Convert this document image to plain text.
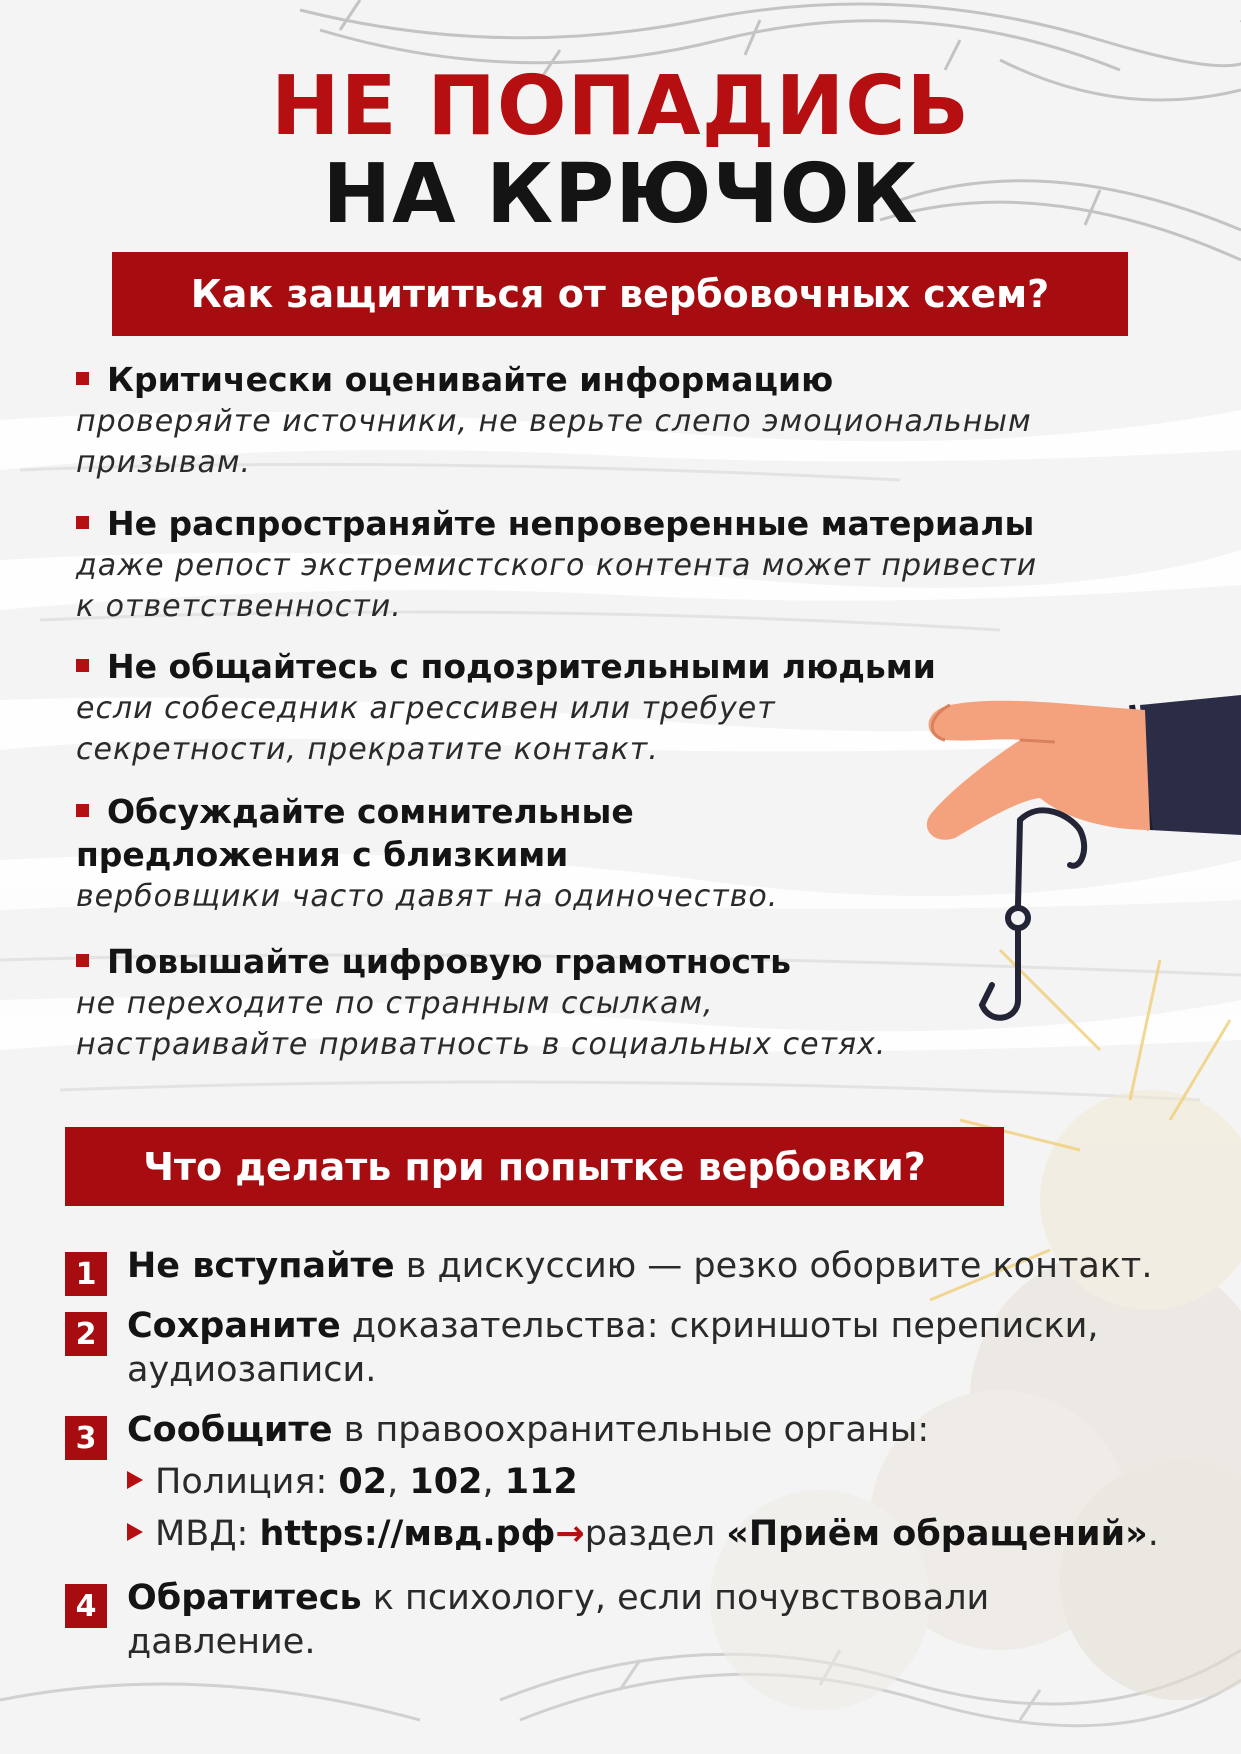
НЕ ПОПАДИСЬ
НА КРЮЧОК
Как защититься от вербовочных схем?
Критически оценивайте информацию
проверяйте источники, не верьте слепо эмоциональным
призывам.
Не распространяйте непроверенные материалы
даже репост экстремистского контента может привести
к ответственности.
Не общайтесь с подозрительными людьми
если собеседник агрессивен или требует
секретности, прекратите контакт.
Обсуждайте сомнительные
предложения с близкими
вербовщики часто давят на одиночество.
Повышайте цифровую грамотность
не переходите по странным ссылкам,
настраивайте приватность в социальных сетях.
Что делать при попытке вербовки?
1 Не вступайте в дискуссию — резко оборвите контакт.
2 Сохраните доказательства: скриншоты переписки, аудиозаписи.
3 Сообщите в правоохранительные органы:
Полиция: 02, 102, 112
МВД: https://мвд.рф→раздел «Приём обращений».
4 Обратитесь к психологу, если почувствовали давление.
